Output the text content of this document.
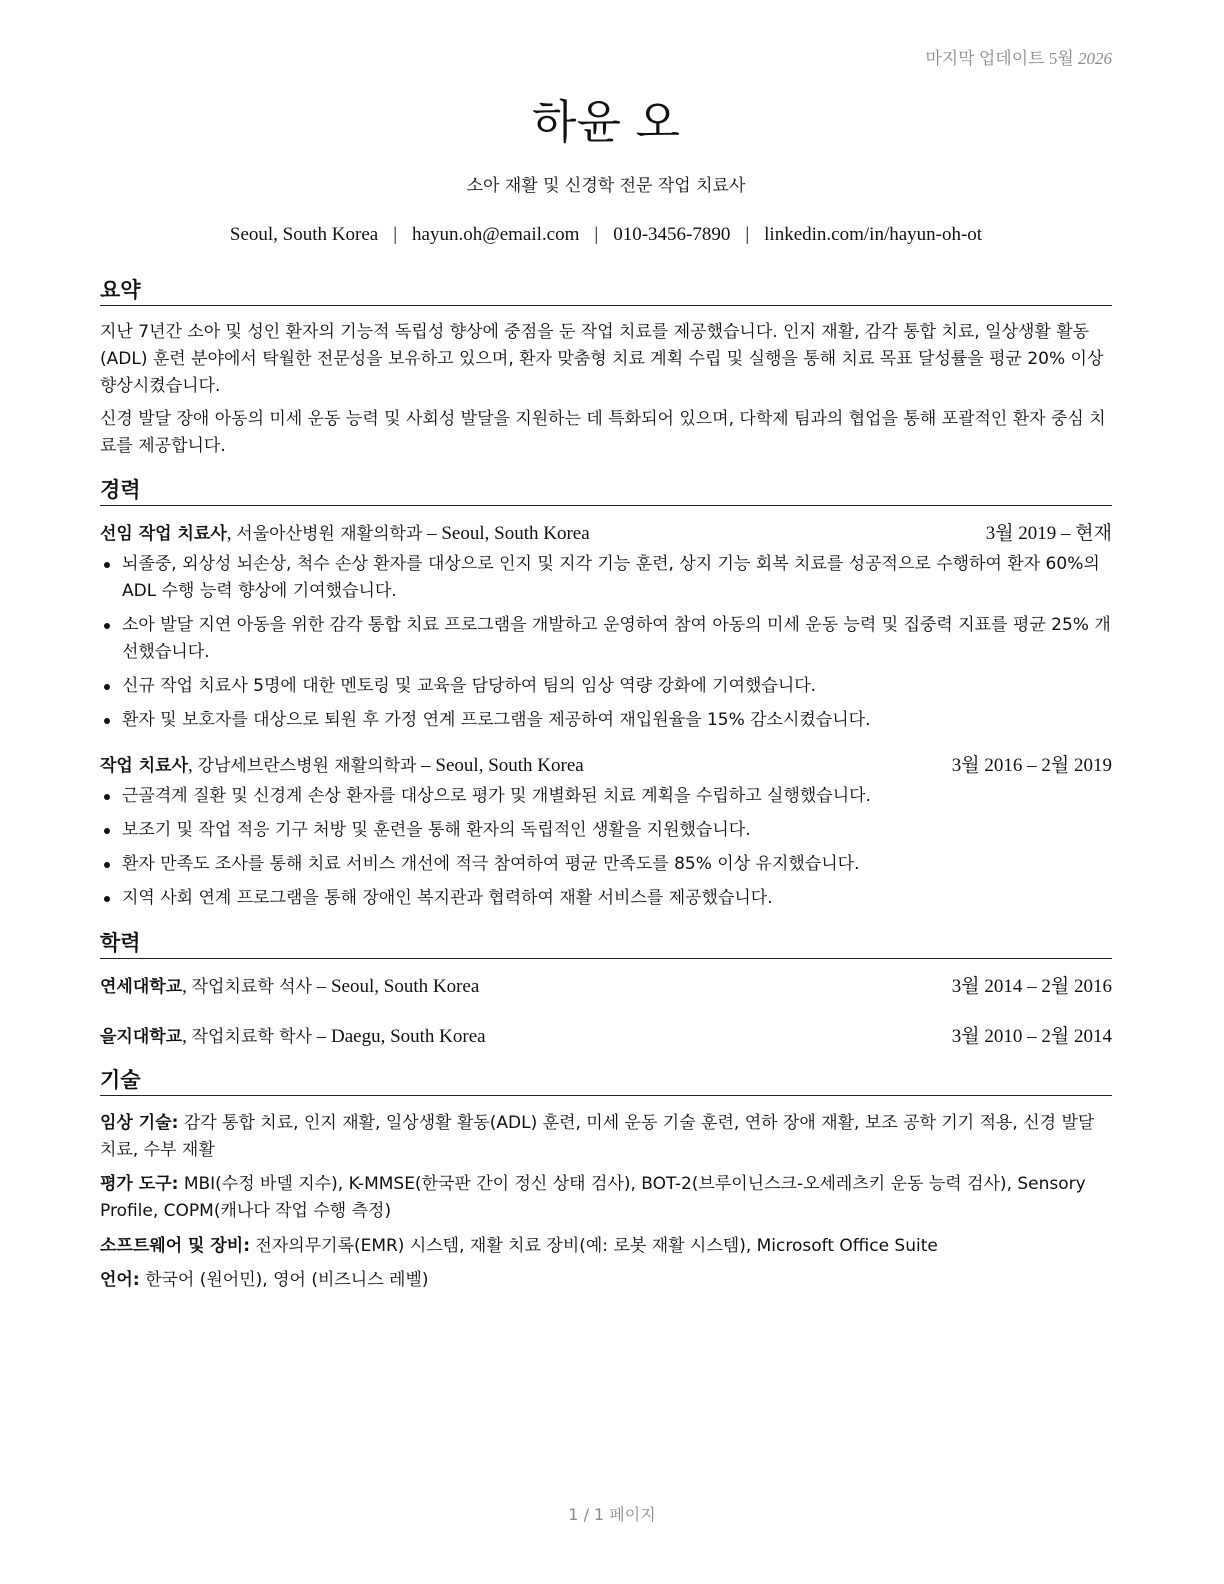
마지막 업데이트 5월 2026
하윤 오
소아 재활 및 신경학 전문 작업 치료사
Seoul, South Korea | hayun.oh@email.com | 010-3456-7890 | linkedin.com/in/hayun-oh-ot
요약

지난 7년간 소아 및 성인 환자의 기능적 독립성 향상에 중점을 둔 작업 치료를 제공했습니다. 인지 재활, 감각 통합 치료, 일상생활 활동(ADL) 훈련 분야에서 탁월한 전문성을 보유하고 있으며, 환자 맞춤형 치료 계획 수립 및 실행을 통해 치료 목표 달성률을 평균 20% 이상 향상시켰습니다.

신경 발달 장애 아동의 미세 운동 능력 및 사회성 발달을 지원하는 데 특화되어 있으며, 다학제 팀과의 협업을 통해 포괄적인 환자 중심 치료를 제공합니다.

경력
선임 작업 치료사, 서울아산병원 재활의학과 – Seoul, South Korea	3월 2019 – 현재
뇌졸중, 외상성 뇌손상, 척수 손상 환자를 대상으로 인지 및 지각 기능 훈련, 상지 기능 회복 치료를 성공적으로 수행하여 환자 60%의 ADL 수행 능력 향상에 기여했습니다.
소아 발달 지연 아동을 위한 감각 통합 치료 프로그램을 개발하고 운영하여 참여 아동의 미세 운동 능력 및 집중력 지표를 평균 25% 개선했습니다.
신규 작업 치료사 5명에 대한 멘토링 및 교육을 담당하여 팀의 임상 역량 강화에 기여했습니다.
환자 및 보호자를 대상으로 퇴원 후 가정 연계 프로그램을 제공하여 재입원율을 15% 감소시켰습니다.
작업 치료사, 강남세브란스병원 재활의학과 – Seoul, South Korea	3월 2016 – 2월 2019
근골격계 질환 및 신경계 손상 환자를 대상으로 평가 및 개별화된 치료 계획을 수립하고 실행했습니다.
보조기 및 작업 적응 기구 처방 및 훈련을 통해 환자의 독립적인 생활을 지원했습니다.
환자 만족도 조사를 통해 치료 서비스 개선에 적극 참여하여 평균 만족도를 85% 이상 유지했습니다.
지역 사회 연계 프로그램을 통해 장애인 복지관과 협력하여 재활 서비스를 제공했습니다.
학력
연세대학교, 작업치료학 석사 – Seoul, South Korea	3월 2014 – 2월 2016
을지대학교, 작업치료학 학사 – Daegu, South Korea	3월 2010 – 2월 2014
기술

임상 기술: 감각 통합 치료, 인지 재활, 일상생활 활동(ADL) 훈련, 미세 운동 기술 훈련, 연하 장애 재활, 보조 공학 기기 적용, 신경 발달 치료, 수부 재활

평가 도구: MBI(수정 바델 지수), K-MMSE(한국판 간이 정신 상태 검사), BOT-2(브루이닌스크-오세레츠키 운동 능력 검사), Sensory Profile, COPM(캐나다 작업 수행 측정)

소프트웨어 및 장비: 전자의무기록(EMR) 시스템, 재활 치료 장비(예: 로봇 재활 시스템), Microsoft Office Suite

언어: 한국어 (원어민), 영어 (비즈니스 레벨)

1 / 1 페이지
